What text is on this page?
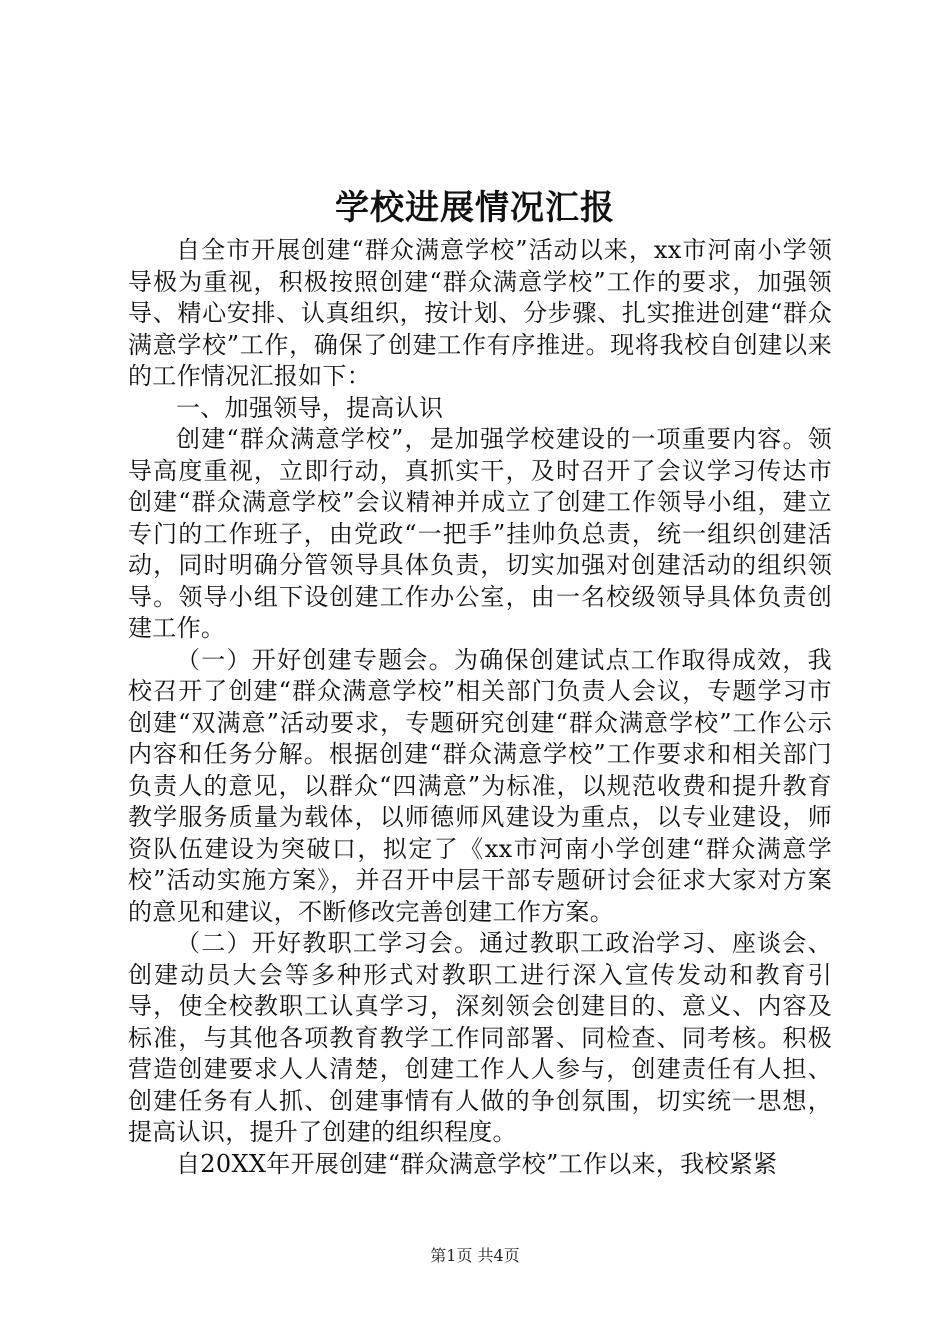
学校进展情况汇报

自全市开展创建“群众满意学校”活动以来，xx市河南小学领导极为重视，积极按照创建“群众满意学校”工作的要求，加强领导、精心安排、认真组织，按计划、分步骤、扎实推进创建“群众满意学校”工作，确保了创建工作有序推进。现将我校自创建以来的工作情况汇报如下：

一、加强领导，提高认识

创建“群众满意学校”，是加强学校建设的一项重要内容。领导高度重视，立即行动，真抓实干，及时召开了会议学习传达市创建“群众满意学校”会议精神并成立了创建工作领导小组，建立专门的工作班子，由党政“一把手”挂帅负总责，统一组织创建活动，同时明确分管领导具体负责，切实加强对创建活动的组织领导。领导小组下设创建工作办公室，由一名校级领导具体负责创建工作。

（一）开好创建专题会。为确保创建试点工作取得成效，我校召开了创建“群众满意学校”相关部门负责人会议，专题学习市创建“双满意”活动要求，专题研究创建“群众满意学校”工作公示内容和任务分解。根据创建“群众满意学校”工作要求和相关部门负责人的意见，以群众“四满意”为标准，以规范收费和提升教育教学服务质量为载体，以师德师风建设为重点，以专业建设，师资队伍建设为突破口，拟定了《xx市河南小学创建“群众满意学校”活动实施方案》，并召开中层干部专题研讨会征求大家对方案的意见和建议，不断修改完善创建工作方案。

（二）开好教职工学习会。通过教职工政治学习、座谈会、创建动员大会等多种形式对教职工进行深入宣传发动和教育引导，使全校教职工认真学习，深刻领会创建目的、意义、内容及标准，与其他各项教育教学工作同部署、同检查、同考核。积极营造创建要求人人清楚，创建工作人人参与，创建责任有人担、创建任务有人抓、创建事情有人做的争创氛围，切实统一思想，提高认识，提升了创建的组织程度。

自20XX年开展创建“群众满意学校”工作以来，我校紧紧

第1页 共4页
